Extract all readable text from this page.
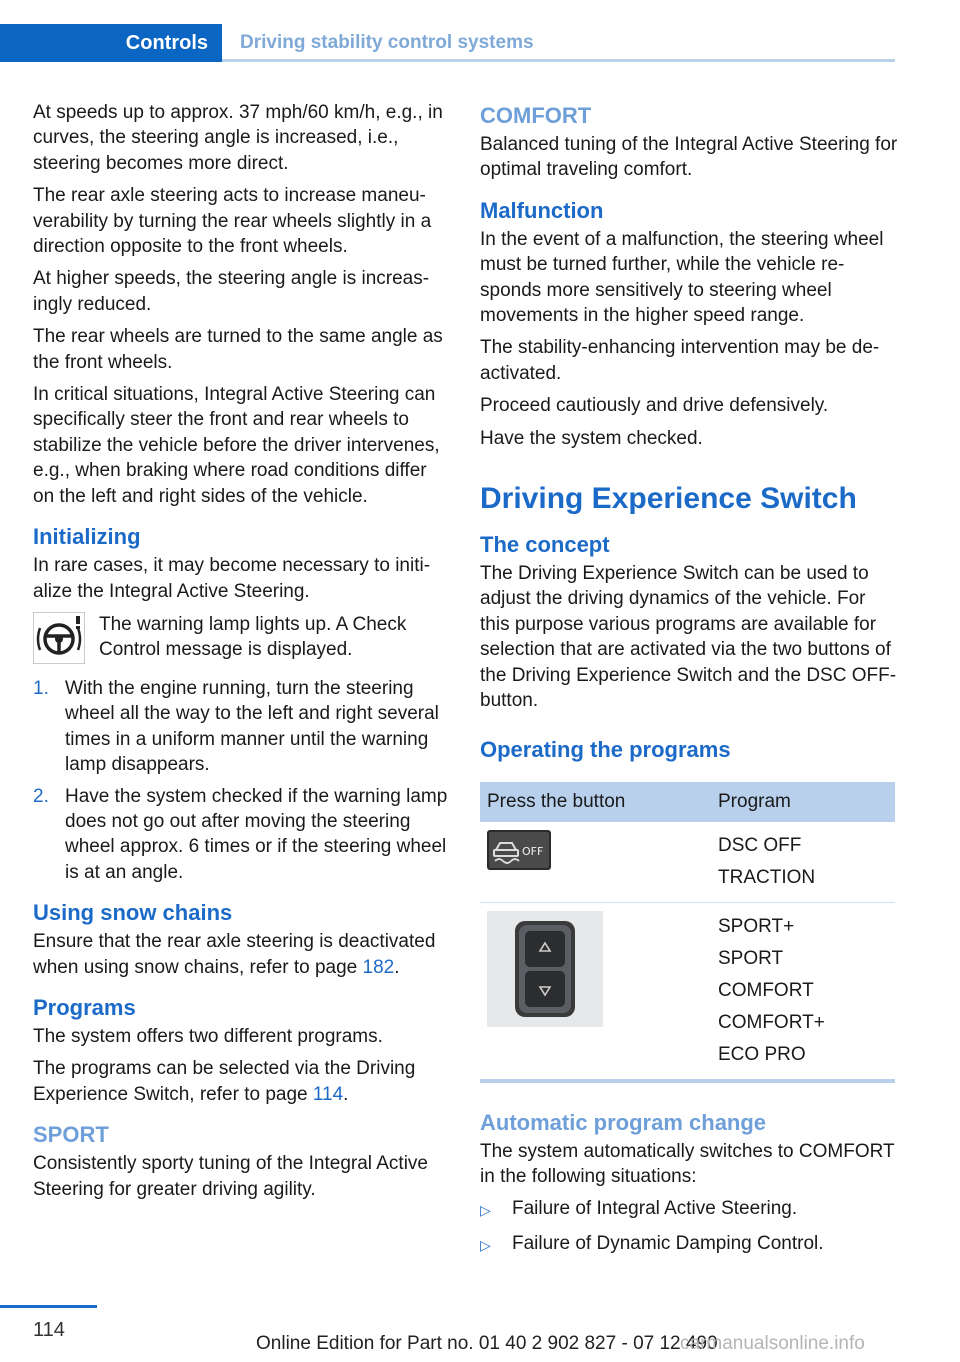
Controls	Driving stability control systems

At speeds up to approx. 37 mph/60 km/h, e.g., in curves, the steering angle is increased, i.e., steering becomes more direct.

The rear axle steering acts to increase maneuverability by turning the rear wheels slightly in a direction opposite to the front wheels.

At higher speeds, the steering angle is increasingly reduced.

The rear wheels are turned to the same angle as the front wheels.

In critical situations, Integral Active Steering can specifically steer the front and rear wheels to stabilize the vehicle before the driver intervenes, e.g., when braking where road conditions differ on the left and right sides of the vehicle.

Initializing

In rare cases, it may become necessary to initialize the Integral Active Steering.

The warning lamp lights up. A Check Control message is displayed.
1. With the engine running, turn the steering wheel all the way to the left and right several times in a uniform manner until the warning lamp disappears.
2. Have the system checked if the warning lamp does not go out after moving the steering wheel approx. 6 times or if the steering wheel is at an angle.
Using snow chains

Ensure that the rear axle steering is deactivated when using snow chains, refer to page 182.

Programs

The system offers two different programs.

The programs can be selected via the Driving Experience Switch, refer to page 114.

SPORT

Consistently sporty tuning of the Integral Active Steering for greater driving agility.

COMFORT

Balanced tuning of the Integral Active Steering for optimal traveling comfort.

Malfunction

In the event of a malfunction, the steering wheel must be turned further, while the vehicle responds more sensitively to steering wheel movements in the higher speed range.

The stability-enhancing intervention may be deactivated.

Proceed cautiously and drive defensively.

Have the system checked.

Driving Experience Switch
The concept

The Driving Experience Switch can be used to adjust the driving dynamics of the vehicle. For this purpose various programs are available for selection that are activated via the two buttons of the Driving Experience Switch and the DSC OFF-button.

Operating the programs
Press the button	Program

OFF	DSC OFF
TRACTION

SPORT+
SPORT
COMFORT
COMFORT+
ECO PRO
Automatic program change

The system automatically switches to COMFORT in the following situations:

▷	Failure of Integral Active Steering.
▷	Failure of Dynamic Damping Control.
114
Online Edition for Part no. 01 40 2 902 827 - 07 12 490
carmanualsonline.info
